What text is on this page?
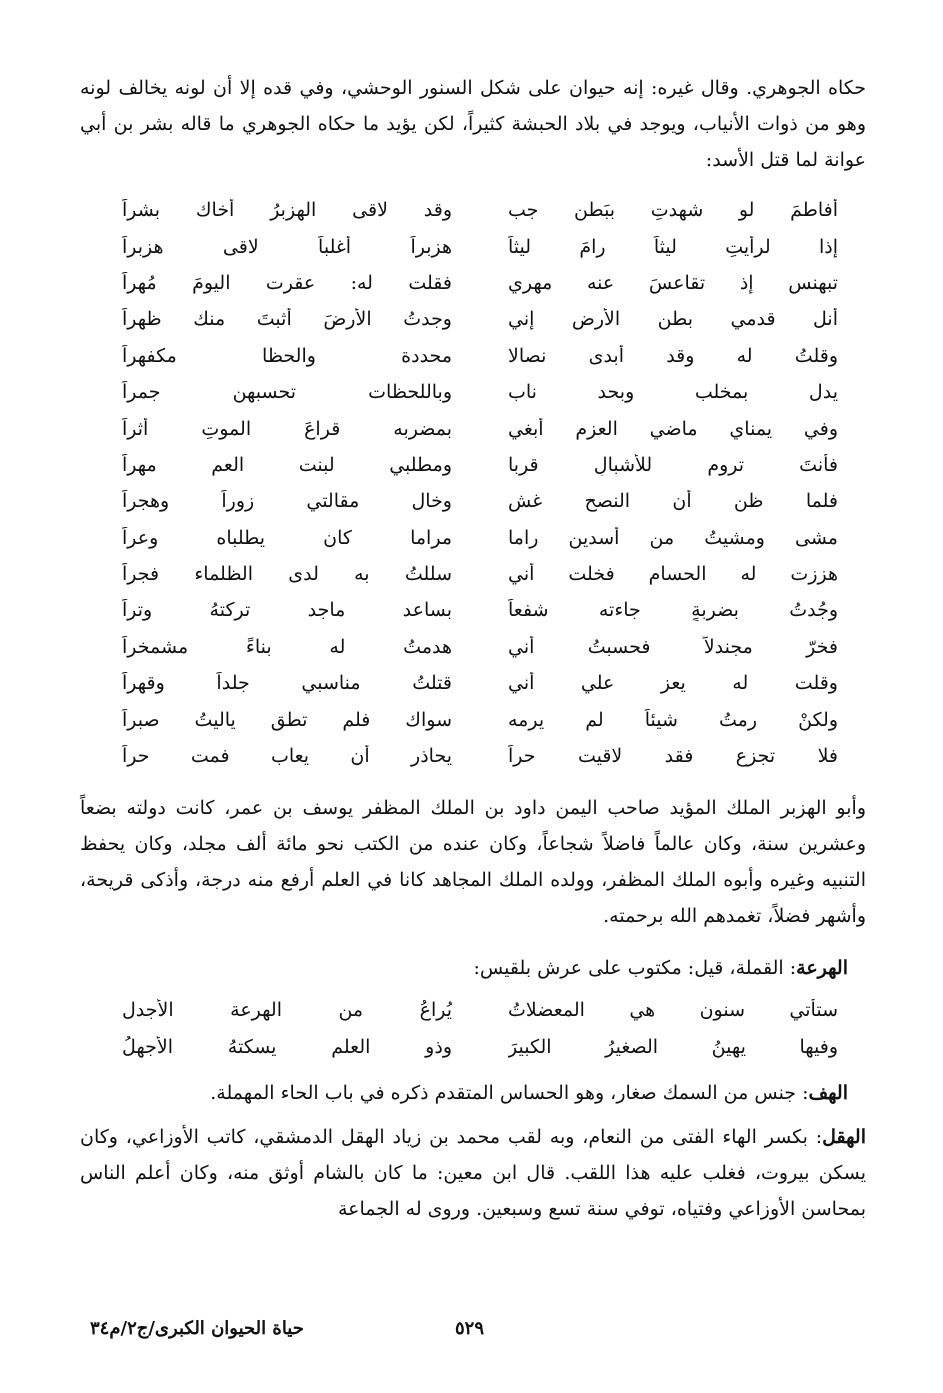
حكاه الجوهري. وقال غيره: إنه حيوان على شكل السنور الوحشي، وفي قده إلا أن لونه يخالف لونه وهو من ذوات الأنياب، ويوجد في بلاد الحبشة كثيراً، لكن يؤيد ما حكاه الجوهري ما قاله بشر بن أبي عوانة لما قتل الأسد:

أفاطمَ لو شهدتِ ببَطنِ جب
وقد لاقى الهزبرُ أخاك بشراً
إذا لرأيتِ ليثاً رامَ ليثاً
هزبراً أغلباً لاقى هزبراً
تبهنس إذ تقاعسَ عنه مهري
فقلت له: عقرت اليومَ مُهراً
أنل قدمي بطن الأرض إني
وجدتُ الأرضَ أثبتَ منك ظهراً
وقلتُ له وقد أبدى نصالا
محددة والحظا مكفهراً
يدل بمخلب وبحد ناب
وباللحظات تحسبهن جمراً
وفي يمناي ماضي العزم أبغي
بمضربه قراعَ الموتِ أثراً
فأنتَ تروم للأشبالِ قربا
ومطلبي لبنت العم مهراً
فلما ظن أن النصح غش
وخال مقالتي زوراً وهجراً
مشى ومشيتُ من أسدين راما
مراما كان يطلباه وعراً
هززت له الحسام فخلت أني
سللتُ به لدى الظلماء فجراً
وجُدتُ بضربةٍ جاءته شفعاً
بساعد ماجد تركتهُ وتراً
فخرّ مجندلاً فحسبتُ أني
هدمتُ له بناءً مشمخراً
وقلت له يعز علي أني
قتلتُ مناسبي جلداً وقهراً
ولكنْ رمتُ شيئاً لم يرمه
سواك فلم تطق ياليتُ صبراً
فلا تجزع فقد لاقيت حراً
يحاذر أن يعاب فمت حراً

وأبو الهزبر الملك المؤيد صاحب اليمن داود بن الملك المظفر يوسف بن عمر، كانت دولته بضعاً وعشرين سنة، وكان عالماً فاضلاً شجاعاً، وكان عنده من الكتب نحو مائة ألف مجلد، وكان يحفظ التنبيه وغيره وأبوه الملك المظفر، وولده الملك المجاهد كانا في العلم أرفع منه درجة، وأذكى قريحة، وأشهر فضلاً، تغمدهم الله برحمته.

الهرعة: القملة، قيل: مكتوب على عرش بلقيس:

ستأتي سنون هي المعضلاتُ
يُراعُ من الهرعة الأجدل
وفيها يهينُ الصغيرُ الكبيرَ
وذو العلم يسكتهُ الأجهلُ

الهف: جنس من السمك صغار، وهو الحساس المتقدم ذكره في باب الحاء المهملة.

الهقل: بكسر الهاء الفتى من النعام، وبه لقب محمد بن زياد الهقل الدمشقي، كاتب الأوزاعي، وكان يسكن بيروت، فغلب عليه هذا اللقب. قال ابن معين: ما كان بالشام أوثق منه، وكان أعلم الناس بمحاسن الأوزاعي وفتياه، توفي سنة تسع وسبعين. وروى له الجماعة

٥٢٩
حياة الحيوان الكبرى/ج٢/م٣٤
